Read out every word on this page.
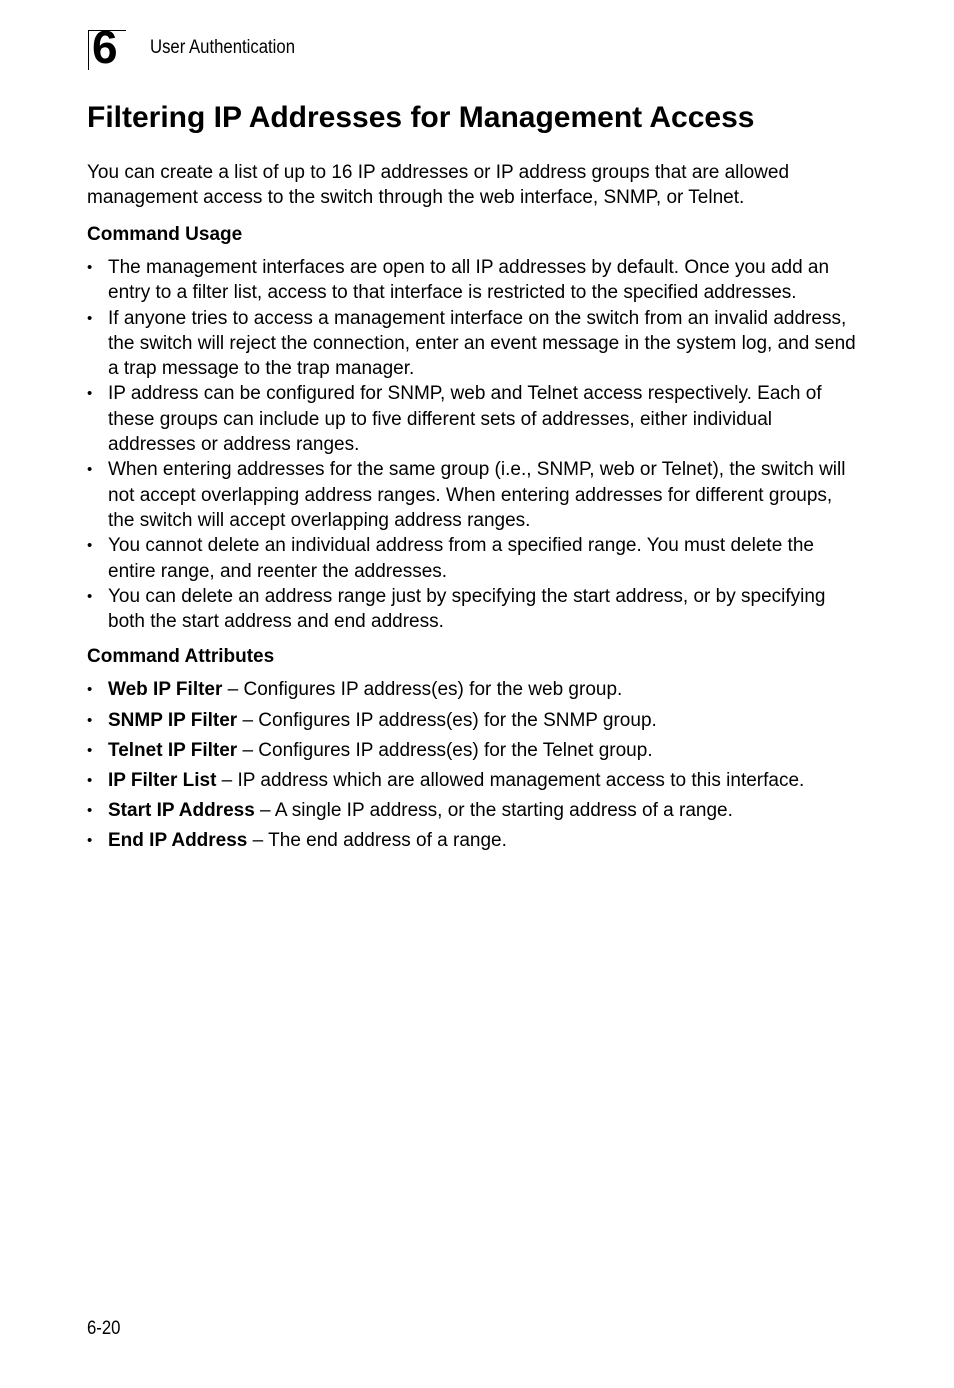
6 User Authentication
Filtering IP Addresses for Management Access

You can create a list of up to 16 IP addresses or IP address groups that are allowed management access to the switch through the web interface, SNMP, or Telnet.

Command Usage
• The management interfaces are open to all IP addresses by default. Once you add an entry to a filter list, access to that interface is restricted to the specified addresses.
• If anyone tries to access a management interface on the switch from an invalid address, the switch will reject the connection, enter an event message in the system log, and send a trap message to the trap manager.
• IP address can be configured for SNMP, web and Telnet access respectively. Each of these groups can include up to five different sets of addresses, either individual addresses or address ranges.
• When entering addresses for the same group (i.e., SNMP, web or Telnet), the switch will not accept overlapping address ranges. When entering addresses for different groups, the switch will accept overlapping address ranges.
• You cannot delete an individual address from a specified range. You must delete the entire range, and reenter the addresses.
• You can delete an address range just by specifying the start address, or by specifying both the start address and end address.
Command Attributes
• Web IP Filter – Configures IP address(es) for the web group.
• SNMP IP Filter – Configures IP address(es) for the SNMP group.
• Telnet IP Filter – Configures IP address(es) for the Telnet group.
• IP Filter List – IP address which are allowed management access to this interface.
• Start IP Address – A single IP address, or the starting address of a range.
• End IP Address – The end address of a range.
6-20
